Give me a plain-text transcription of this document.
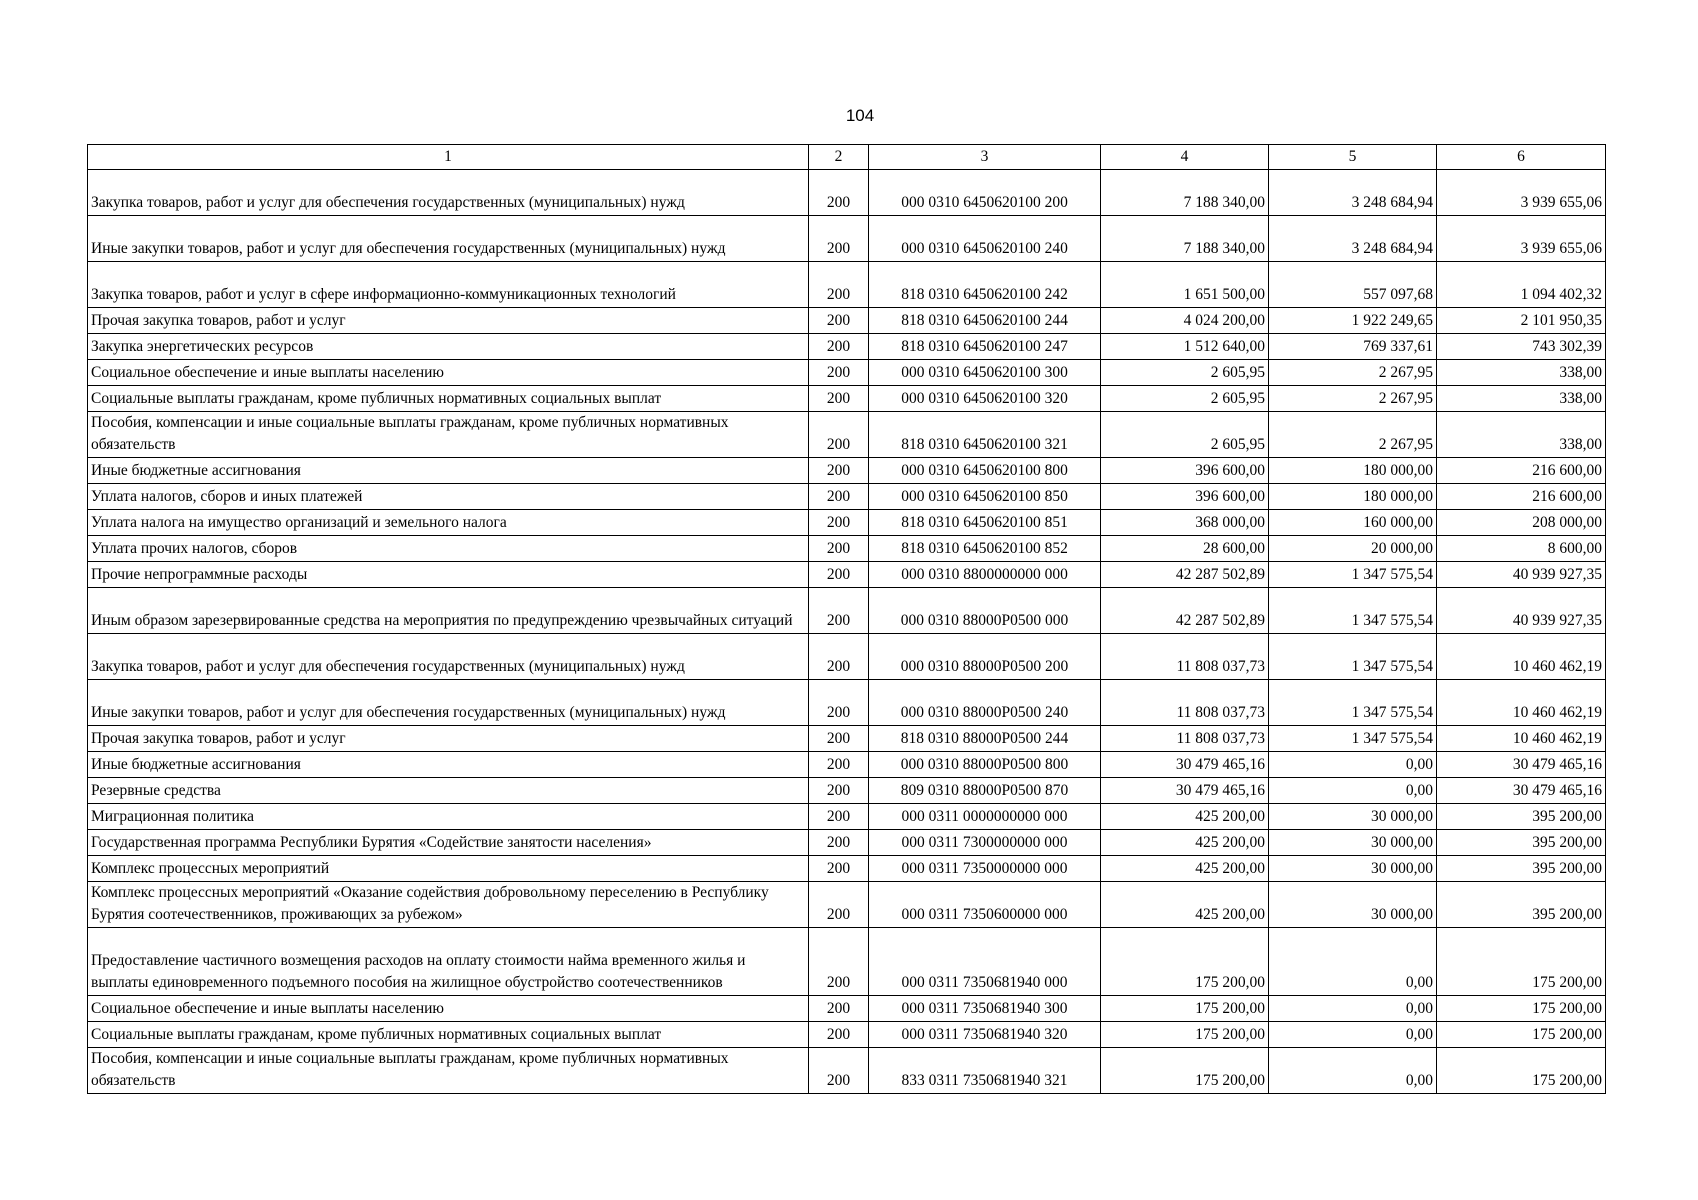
104
1	2	3	4	5	6
Закупка товаров, работ и услуг для обеспечения государственных (муниципальных) нужд	200	000 0310 6450620100 200	7 188 340,00	3 248 684,94	3 939 655,06
Иные закупки товаров, работ и услуг для обеспечения государственных (муниципальных) нужд	200	000 0310 6450620100 240	7 188 340,00	3 248 684,94	3 939 655,06
Закупка товаров, работ и услуг в сфере информационно-коммуникационных технологий	200	818 0310 6450620100 242	1 651 500,00	557 097,68	1 094 402,32
Прочая закупка товаров, работ и услуг	200	818 0310 6450620100 244	4 024 200,00	1 922 249,65	2 101 950,35
Закупка энергетических ресурсов	200	818 0310 6450620100 247	1 512 640,00	769 337,61	743 302,39
Социальное обеспечение и иные выплаты населению	200	000 0310 6450620100 300	2 605,95	2 267,95	338,00
Социальные выплаты гражданам, кроме публичных нормативных социальных выплат	200	000 0310 6450620100 320	2 605,95	2 267,95	338,00
Пособия, компенсации и иные социальные выплаты гражданам, кроме публичных нормативных обязательств	200	818 0310 6450620100 321	2 605,95	2 267,95	338,00
Иные бюджетные ассигнования	200	000 0310 6450620100 800	396 600,00	180 000,00	216 600,00
Уплата налогов, сборов и иных платежей	200	000 0310 6450620100 850	396 600,00	180 000,00	216 600,00
Уплата налога на имущество организаций и земельного налога	200	818 0310 6450620100 851	368 000,00	160 000,00	208 000,00
Уплата прочих налогов, сборов	200	818 0310 6450620100 852	28 600,00	20 000,00	8 600,00
Прочие непрограммные расходы	200	000 0310 8800000000 000	42 287 502,89	1 347 575,54	40 939 927,35
Иным образом зарезервированные средства на мероприятия по предупреждению чрезвычайных ситуаций	200	000 0310 88000P0500 000	42 287 502,89	1 347 575,54	40 939 927,35
Закупка товаров, работ и услуг для обеспечения государственных (муниципальных) нужд	200	000 0310 88000P0500 200	11 808 037,73	1 347 575,54	10 460 462,19
Иные закупки товаров, работ и услуг для обеспечения государственных (муниципальных) нужд	200	000 0310 88000P0500 240	11 808 037,73	1 347 575,54	10 460 462,19
Прочая закупка товаров, работ и услуг	200	818 0310 88000P0500 244	11 808 037,73	1 347 575,54	10 460 462,19
Иные бюджетные ассигнования	200	000 0310 88000P0500 800	30 479 465,16	0,00	30 479 465,16
Резервные средства	200	809 0310 88000P0500 870	30 479 465,16	0,00	30 479 465,16
Миграционная политика	200	000 0311 0000000000 000	425 200,00	30 000,00	395 200,00
Государственная программа Республики Бурятия «Содействие занятости населения»	200	000 0311 7300000000 000	425 200,00	30 000,00	395 200,00
Комплекс процессных мероприятий	200	000 0311 7350000000 000	425 200,00	30 000,00	395 200,00
Комплекс процессных мероприятий «Оказание содействия добровольному переселению в Республику Бурятия соотечественников, проживающих за рубежом»	200	000 0311 7350600000 000	425 200,00	30 000,00	395 200,00
Предоставление частичного возмещения расходов на оплату стоимости найма временного жилья и выплаты единовременного подъемного пособия на жилищное обустройство соотечественников	200	000 0311 7350681940 000	175 200,00	0,00	175 200,00
Социальное обеспечение и иные выплаты населению	200	000 0311 7350681940 300	175 200,00	0,00	175 200,00
Социальные выплаты гражданам, кроме публичных нормативных социальных выплат	200	000 0311 7350681940 320	175 200,00	0,00	175 200,00
Пособия, компенсации и иные социальные выплаты гражданам, кроме публичных нормативных обязательств	200	833 0311 7350681940 321	175 200,00	0,00	175 200,00
